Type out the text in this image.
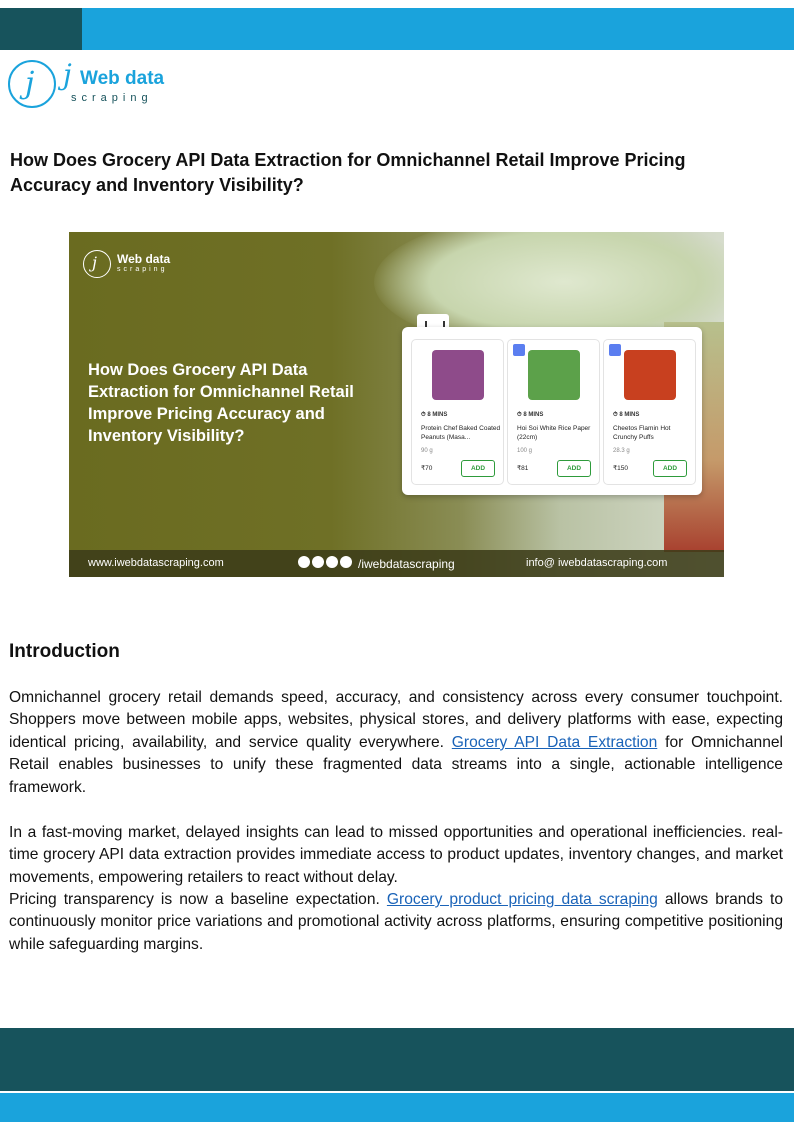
j j Web data
scraping
How Does Grocery API Data Extraction for Omnichannel Retail Improve Pricing Accuracy and Inventory Visibility?
j Web data
scraping
How Does Grocery API Data Extraction for Omnichannel Retail Improve Pricing Accuracy and Inventory Visibility?
⏱ 8 MINS
Protein Chef Baked Coated Peanuts (Masa...
90 g
₹70	ADD
⏱ 8 MINS
Hoi Soi White Rice Paper (22cm)
100 g
₹81	ADD
⏱ 8 MINS
Cheetos Flamin Hot Crunchy Puffs
28.3 g
₹150	ADD
www.iwebdatascraping.com	/iwebdatascraping	info@ iwebdatascraping.com
Introduction

Omnichannel grocery retail demands speed, accuracy, and consistency across every consumer touchpoint. Shoppers move between mobile apps, websites, physical stores, and delivery platforms with ease, expecting identical pricing, availability, and service quality everywhere. Grocery API Data Extraction for Omnichannel Retail enables businesses to unify these fragmented data streams into a single, actionable intelligence framework.

In a fast-moving market, delayed insights can lead to missed opportunities and operational inefficiencies. real-time grocery API data extraction provides immediate access to product updates, inventory changes, and market movements, empowering retailers to react without delay.

Pricing transparency is now a baseline expectation. Grocery product pricing data scraping allows brands to continuously monitor price variations and promotional activity across platforms, ensuring competitive positioning while safeguarding margins.
